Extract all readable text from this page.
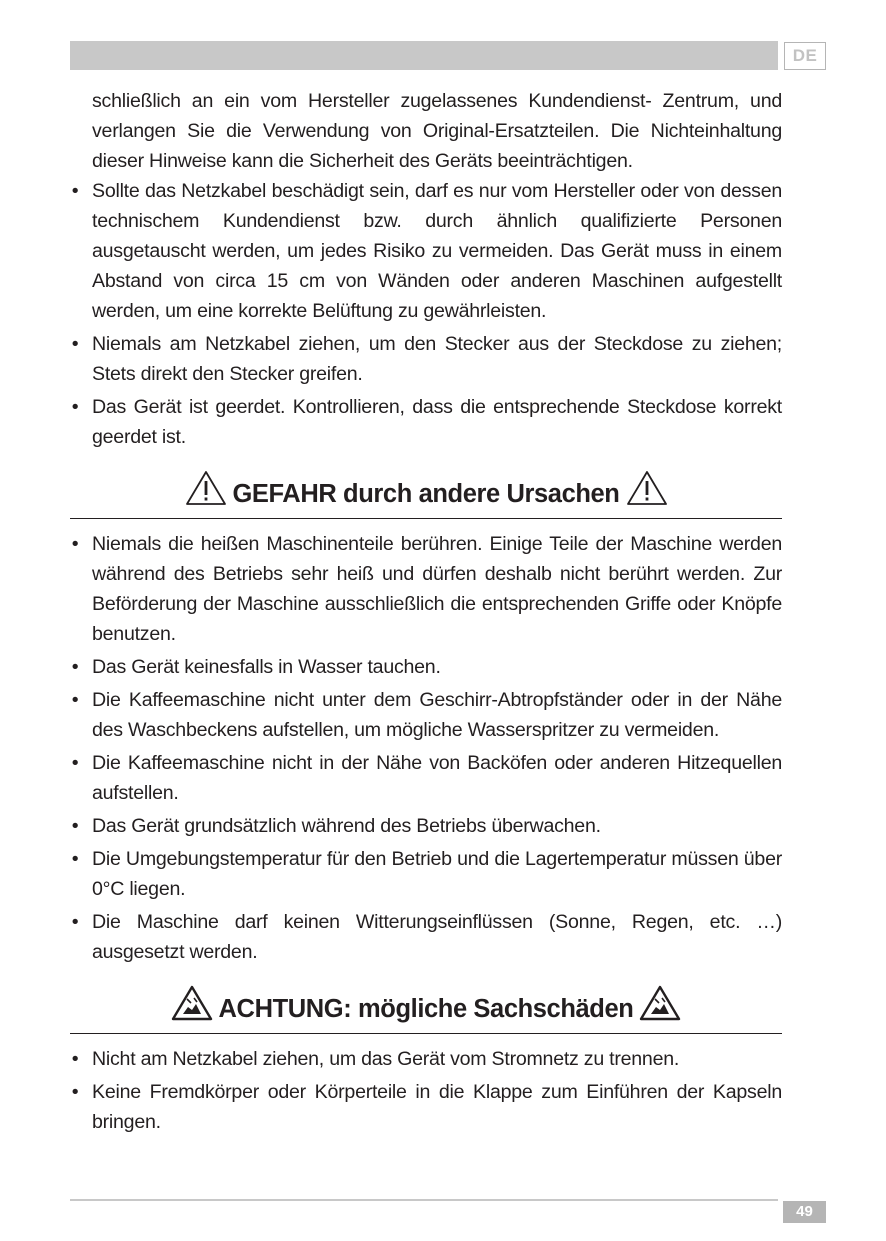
DE

schließlich an ein vom Hersteller zugelassenes Kundendienst- Zentrum, und verlangen Sie die Verwendung von Original-Ersatzteilen. Die Nichteinhaltung dieser Hinweise kann die Sicherheit des Geräts beeinträchtigen.

• Sollte das Netzkabel beschädigt sein, darf es nur vom Hersteller oder von dessen technischem Kundendienst bzw. durch ähnlich qualifizierte Personen ausgetauscht werden, um jedes Risiko zu vermeiden. Das Gerät muss in einem Abstand von circa 15 cm von Wänden oder anderen Maschinen aufgestellt werden, um eine korrekte Belüftung zu gewährleisten.
• Niemals am Netzkabel ziehen, um den Stecker aus der Steckdose zu ziehen; Stets direkt den Stecker greifen.
• Das Gerät ist geerdet. Kontrollieren, dass die entsprechende Steckdose korrekt geerdet ist.
GEFAHR durch andere Ursachen
• Niemals die heißen Maschinenteile berühren. Einige Teile der Maschine werden während des Betriebs sehr heiß und dürfen deshalb nicht berührt werden. Zur Beförderung der Maschine ausschließlich die entsprechenden Griffe oder Knöpfe benutzen.
• Das Gerät keinesfalls in Wasser tauchen.
• Die Kaffeemaschine nicht unter dem Geschirr-Abtropfständer oder in der Nähe des Waschbeckens aufstellen, um mögliche Wasserspritzer zu vermeiden.
• Die Kaffeemaschine nicht in der Nähe von Backöfen oder anderen Hitzequellen aufstellen.
• Das Gerät grundsätzlich während des Betriebs überwachen.
• Die Umgebungstemperatur für den Betrieb und die Lagertemperatur müssen über 0°C liegen.
• Die Maschine darf keinen Witterungseinflüssen (Sonne, Regen, etc. …) ausgesetzt werden.
ACHTUNG: mögliche Sachschäden
• Nicht am Netzkabel ziehen, um das Gerät vom Stromnetz zu trennen.
• Keine Fremdkörper oder Körperteile in die Klappe zum Einführen der Kapseln bringen.
49
